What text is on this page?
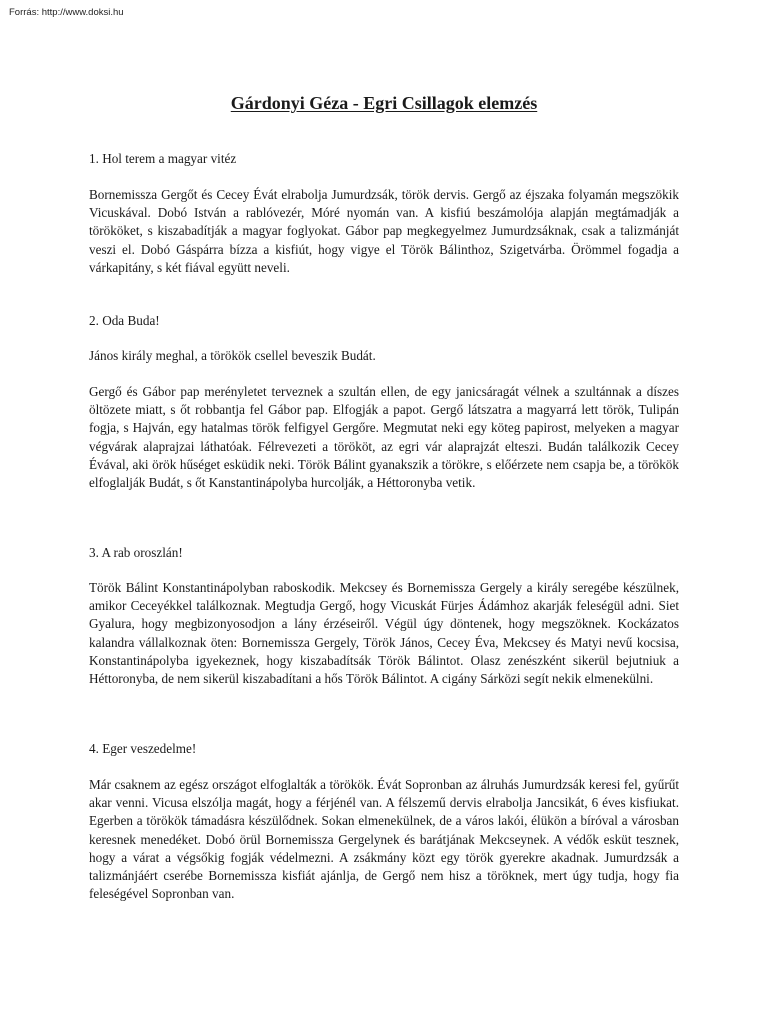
Forrás: http://www.doksi.hu

Gárdonyi Géza - Egri Csillagok elemzés

1. Hol terem a magyar vitéz

Bornemissza Gergőt és Cecey Évát elrabolja Jumurdzsák, török dervis. Gergő az éjszaka folyamán megszökik Vicuskával. Dobó István a rablóvezér, Móré nyomán van. A kisfiú beszámolója alapján megtámadják a törököket, s kiszabadítják a magyar foglyokat. Gábor pap megkegyelmez Jumurdzsáknak, csak a talizmánját veszi el. Dobó Gáspárra bízza a kisfiút, hogy vigye el Török Bálinthoz, Szigetvárba. Örömmel fogadja a várkapitány, s két fiával együtt neveli.

2. Oda Buda!

János király meghal, a törökök csellel beveszik Budát.

Gergő és Gábor pap merényletet terveznek a szultán ellen, de egy janicsáragát vélnek a szultánnak a díszes öltözete miatt, s őt robbantja fel Gábor pap. Elfogják a papot. Gergő látszatra a magyarrá lett török, Tulipán fogja, s Hajván, egy hatalmas török felfigyel Gergőre. Megmutat neki egy köteg papirost, melyeken a magyar végvárak alaprajzai láthatóak. Félrevezeti a törököt, az egri vár alaprajzát elteszi. Budán találkozik Cecey Évával, aki örök hűséget esküdik neki. Török Bálint gyanakszik a törökre, s előérzete nem csapja be, a törökök elfoglalják Budát, s őt Kanstantinápolyba hurcolják, a Héttoronyba vetik.

3. A rab oroszlán!

Török Bálint Konstantinápolyban raboskodik. Mekcsey és Bornemissza Gergely a király seregébe készülnek, amikor Ceceyékkel találkoznak. Megtudja Gergő, hogy Vicuskát Fürjes Ádámhoz akarják feleségül adni. Siet Gyalura, hogy megbizonyosodjon a lány érzéseiről. Végül úgy döntenek, hogy megszöknek. Kockázatos kalandra vállalkoznak öten: Bornemissza Gergely, Török János, Cecey Éva, Mekcsey és Matyi nevű kocsisa, Konstantinápolyba igyekeznek, hogy kiszabadítsák Török Bálintot. Olasz zenészként sikerül bejutniuk a Héttoronyba, de nem sikerül kiszabadítani a hős Török Bálintot. A cigány Sárközi segít nekik elmenekülni.

4. Eger veszedelme!

Már csaknem az egész országot elfoglalták a törökök. Évát Sopronban az álruhás Jumurdzsák keresi fel, gyűrűt akar venni. Vicusa elszólja magát, hogy a férjénél van. A félszemű dervis elrabolja Jancsikát, 6 éves kisfiukat. Egerben a törökök támadásra készülődnek. Sokan elmenekülnek, de a város lakói, élükön a bíróval a városban keresnek menedéket. Dobó örül Bornemissza Gergelynek és barátjának Mekcseynek. A védők esküt tesznek, hogy a várat a végsőkig fogják védelmezni. A zsákmány közt egy török gyerekre akadnak. Jumurdzsák a talizmánjáért cserébe Bornemissza kisfiát ajánlja, de Gergő nem hisz a töröknek, mert úgy tudja, hogy fia feleségével Sopronban van.
